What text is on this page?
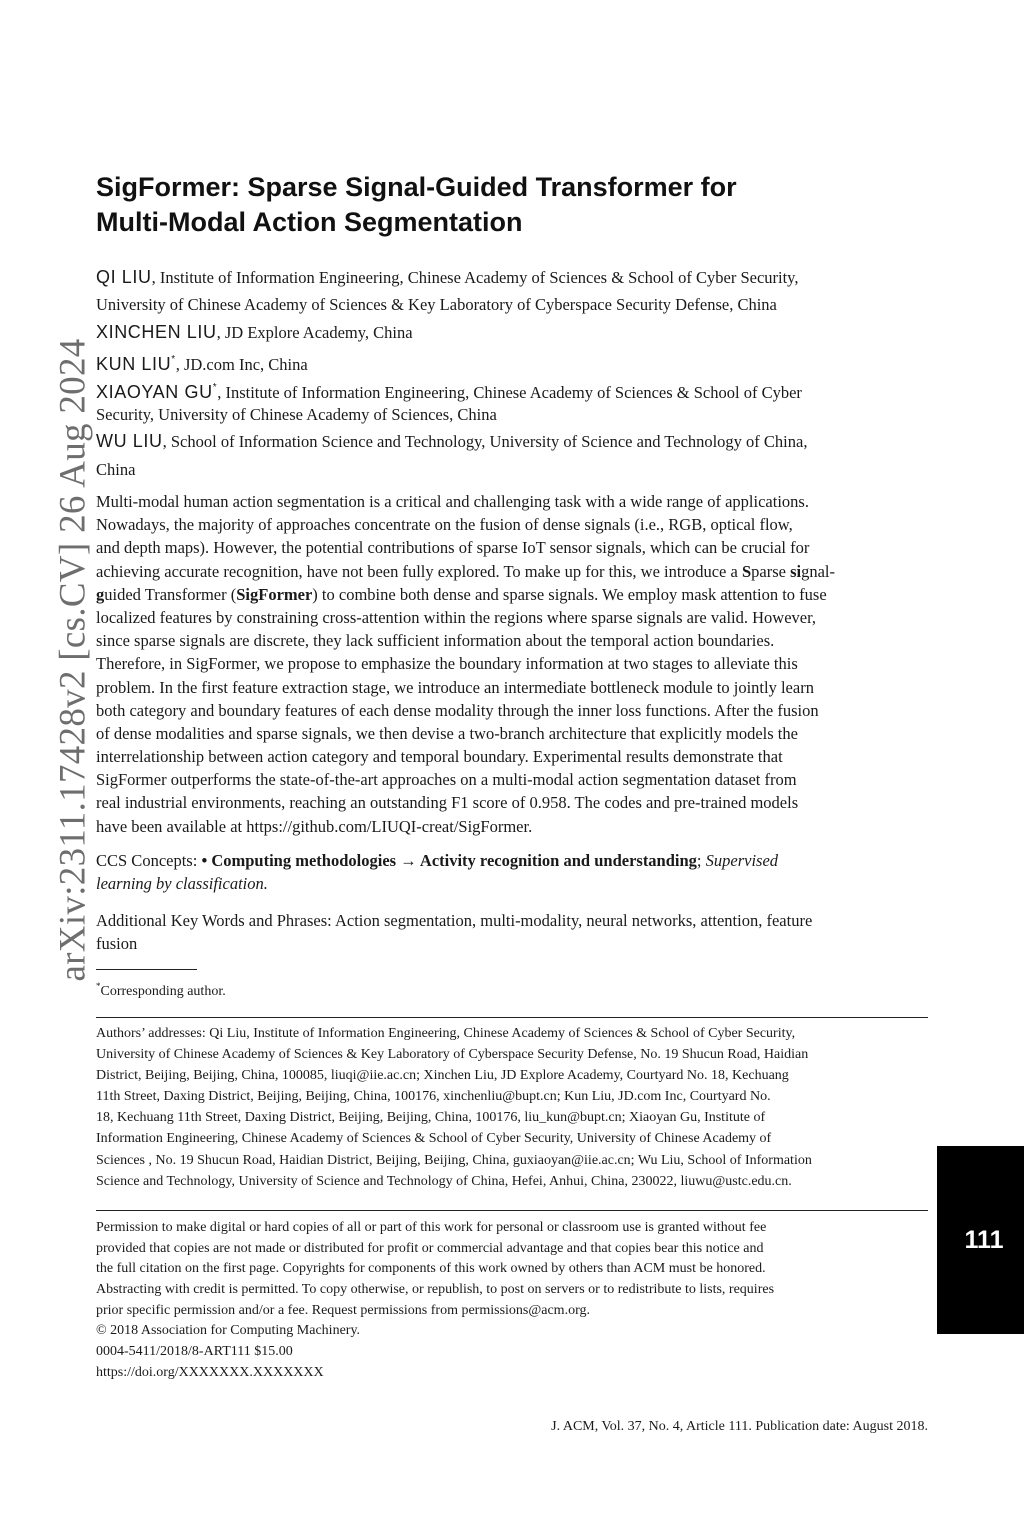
arXiv:2311.17428v2 [cs.CV] 26 Aug 2024
SigFormer: Sparse Signal-Guided Transformer for
Multi-Modal Action Segmentation
QI LIU, Institute of Information Engineering, Chinese Academy of Sciences & School of Cyber Security,
University of Chinese Academy of Sciences & Key Laboratory of Cyberspace Security Defense, China
XINCHEN LIU, JD Explore Academy, China
KUN LIU*, JD.com Inc, China
XIAOYAN GU*, Institute of Information Engineering, Chinese Academy of Sciences & School of Cyber
Security, University of Chinese Academy of Sciences, China
WU LIU, School of Information Science and Technology, University of Science and Technology of China,
China
Multi-modal human action segmentation is a critical and challenging task with a wide range of applications.
Nowadays, the majority of approaches concentrate on the fusion of dense signals (i.e., RGB, optical flow,
and depth maps). However, the potential contributions of sparse IoT sensor signals, which can be crucial for
achieving accurate recognition, have not been fully explored. To make up for this, we introduce a Sparse signal-
guided Transformer (SigFormer) to combine both dense and sparse signals. We employ mask attention to fuse
localized features by constraining cross-attention within the regions where sparse signals are valid. However,
since sparse signals are discrete, they lack sufficient information about the temporal action boundaries.
Therefore, in SigFormer, we propose to emphasize the boundary information at two stages to alleviate this
problem. In the first feature extraction stage, we introduce an intermediate bottleneck module to jointly learn
both category and boundary features of each dense modality through the inner loss functions. After the fusion
of dense modalities and sparse signals, we then devise a two-branch architecture that explicitly models the
interrelationship between action category and temporal boundary. Experimental results demonstrate that
SigFormer outperforms the state-of-the-art approaches on a multi-modal action segmentation dataset from
real industrial environments, reaching an outstanding F1 score of 0.958. The codes and pre-trained models
have been available at https://github.com/LIUQI-creat/SigFormer.
CCS Concepts: • Computing methodologies → Activity recognition and understanding; Supervised
learning by classification.
Additional Key Words and Phrases: Action segmentation, multi-modality, neural networks, attention, feature
fusion
*Corresponding author.
Authors’ addresses: Qi Liu, Institute of Information Engineering, Chinese Academy of Sciences & School of Cyber Security,
University of Chinese Academy of Sciences & Key Laboratory of Cyberspace Security Defense, No. 19 Shucun Road, Haidian
District, Beijing, Beijing, China, 100085, liuqi@iie.ac.cn; Xinchen Liu, JD Explore Academy, Courtyard No. 18, Kechuang
11th Street, Daxing District, Beijing, Beijing, China, 100176, xinchenliu@bupt.cn; Kun Liu, JD.com Inc, Courtyard No.
18, Kechuang 11th Street, Daxing District, Beijing, Beijing, China, 100176, liu_kun@bupt.cn; Xiaoyan Gu, Institute of
Information Engineering, Chinese Academy of Sciences & School of Cyber Security, University of Chinese Academy of
Sciences , No. 19 Shucun Road, Haidian District, Beijing, Beijing, China, guxiaoyan@iie.ac.cn; Wu Liu, School of Information
Science and Technology, University of Science and Technology of China, Hefei, Anhui, China, 230022, liuwu@ustc.edu.cn.
Permission to make digital or hard copies of all or part of this work for personal or classroom use is granted without fee
provided that copies are not made or distributed for profit or commercial advantage and that copies bear this notice and
the full citation on the first page. Copyrights for components of this work owned by others than ACM must be honored.
Abstracting with credit is permitted. To copy otherwise, or republish, to post on servers or to redistribute to lists, requires
prior specific permission and/or a fee. Request permissions from permissions@acm.org.
© 2018 Association for Computing Machinery.
0004-5411/2018/8-ART111 $15.00
https://doi.org/XXXXXXX.XXXXXXX
111
J. ACM, Vol. 37, No. 4, Article 111. Publication date: August 2018.
